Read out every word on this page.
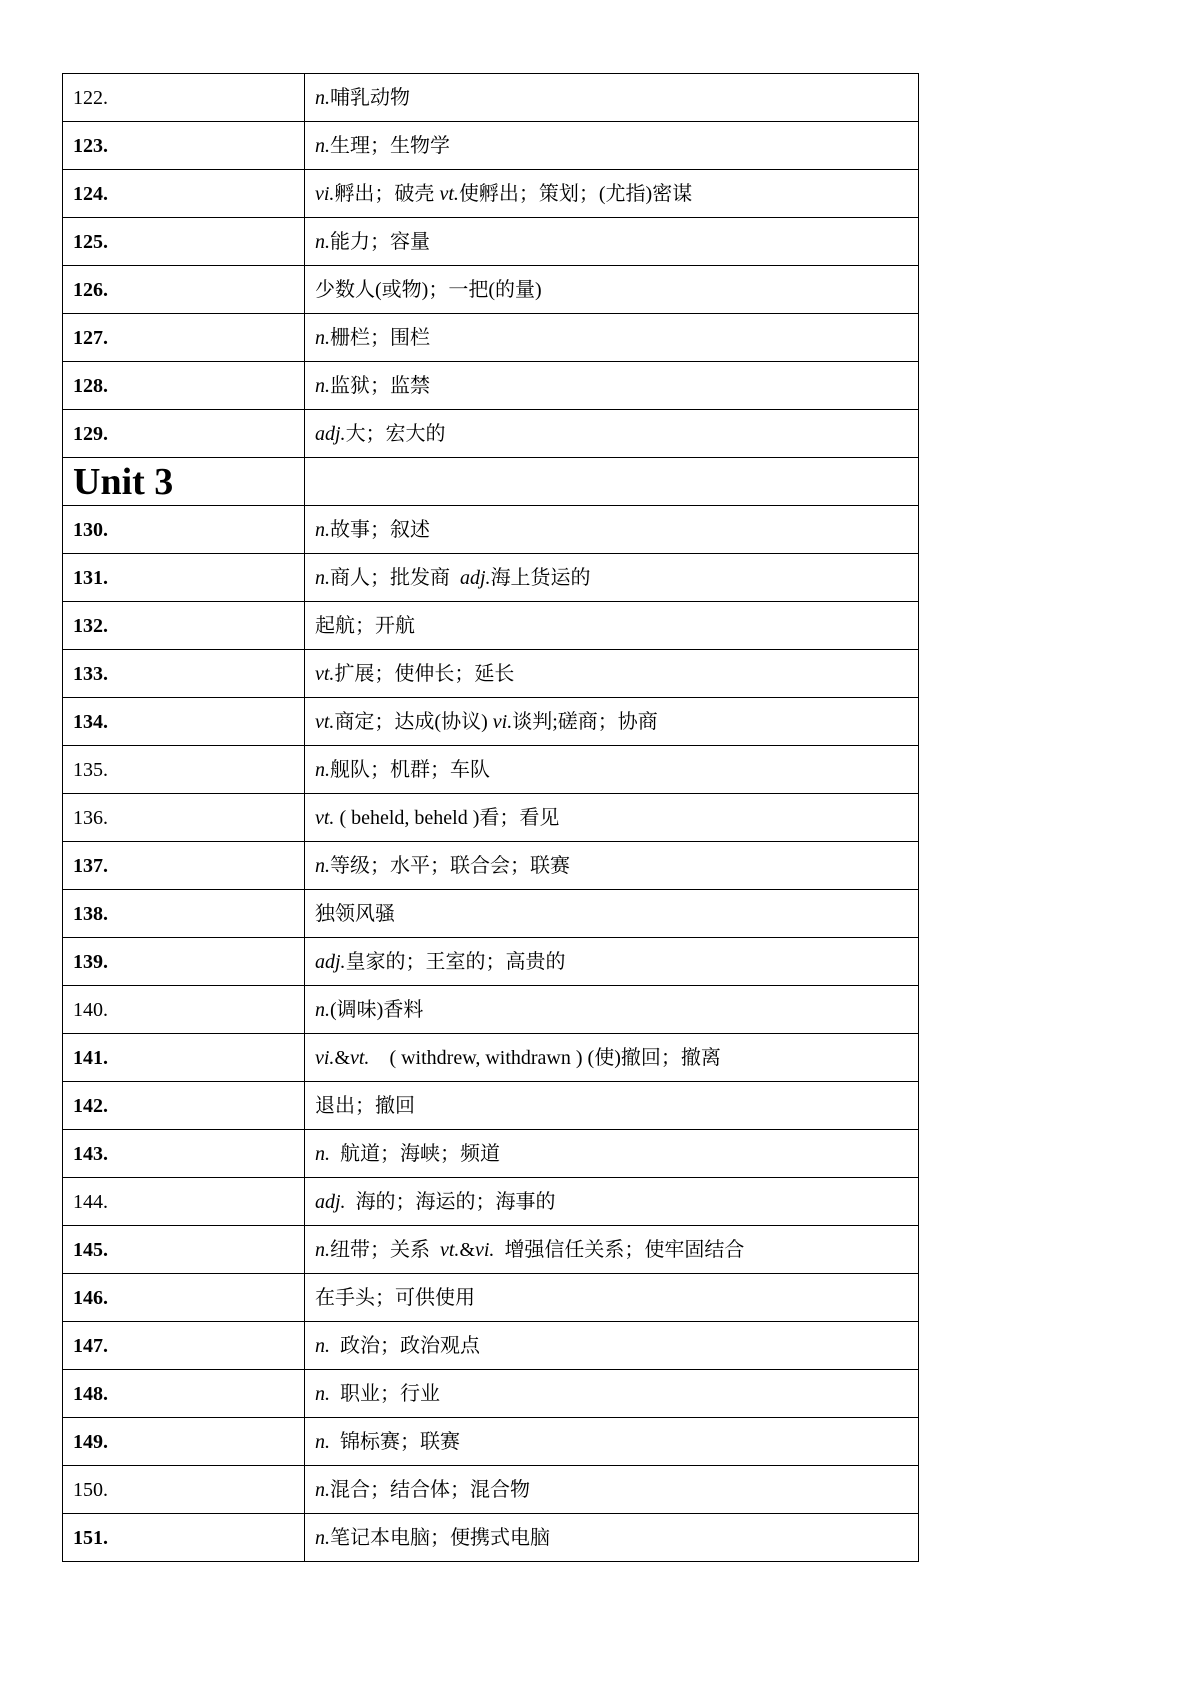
122.	n.哺乳动物
123.	n.生理；生物学
124.	vi.孵出；破壳 vt.使孵出；策划；(尤指)密谋
125.	n.能力；容量
126.	少数人(或物)；一把(的量)
127.	n.栅栏；围栏
128.	n.监狱；监禁
129.	adj.大；宏大的

Unit 3	

130.	n.故事；叙述
131.	n.商人；批发商  adj.海上货运的
132.	起航；开航
133.	vt.扩展；使伸长；延长
134.	vt.商定；达成(协议) vi.谈判;磋商；协商
135.	n.舰队；机群；车队
136.	vt. ( beheld, beheld )看；看见
137.	n.等级；水平；联合会；联赛
138.	独领风骚
139.	adj.皇家的；王室的；高贵的
140.	n.(调味)香料
141.	vi.&vt.    ( withdrew, withdrawn ) (使)撤回；撤离
142.	退出；撤回
143.	n.  航道；海峡；频道
144.	adj.  海的；海运的；海事的
145.	n.纽带；关系  vt.&vi.  增强信任关系；使牢固结合
146.	在手头；可供使用
147.	n.  政治；政治观点
148.	n.  职业；行业
149.	n.  锦标赛；联赛
150.	n.混合；结合体；混合物
151.	n.笔记本电脑；便携式电脑
